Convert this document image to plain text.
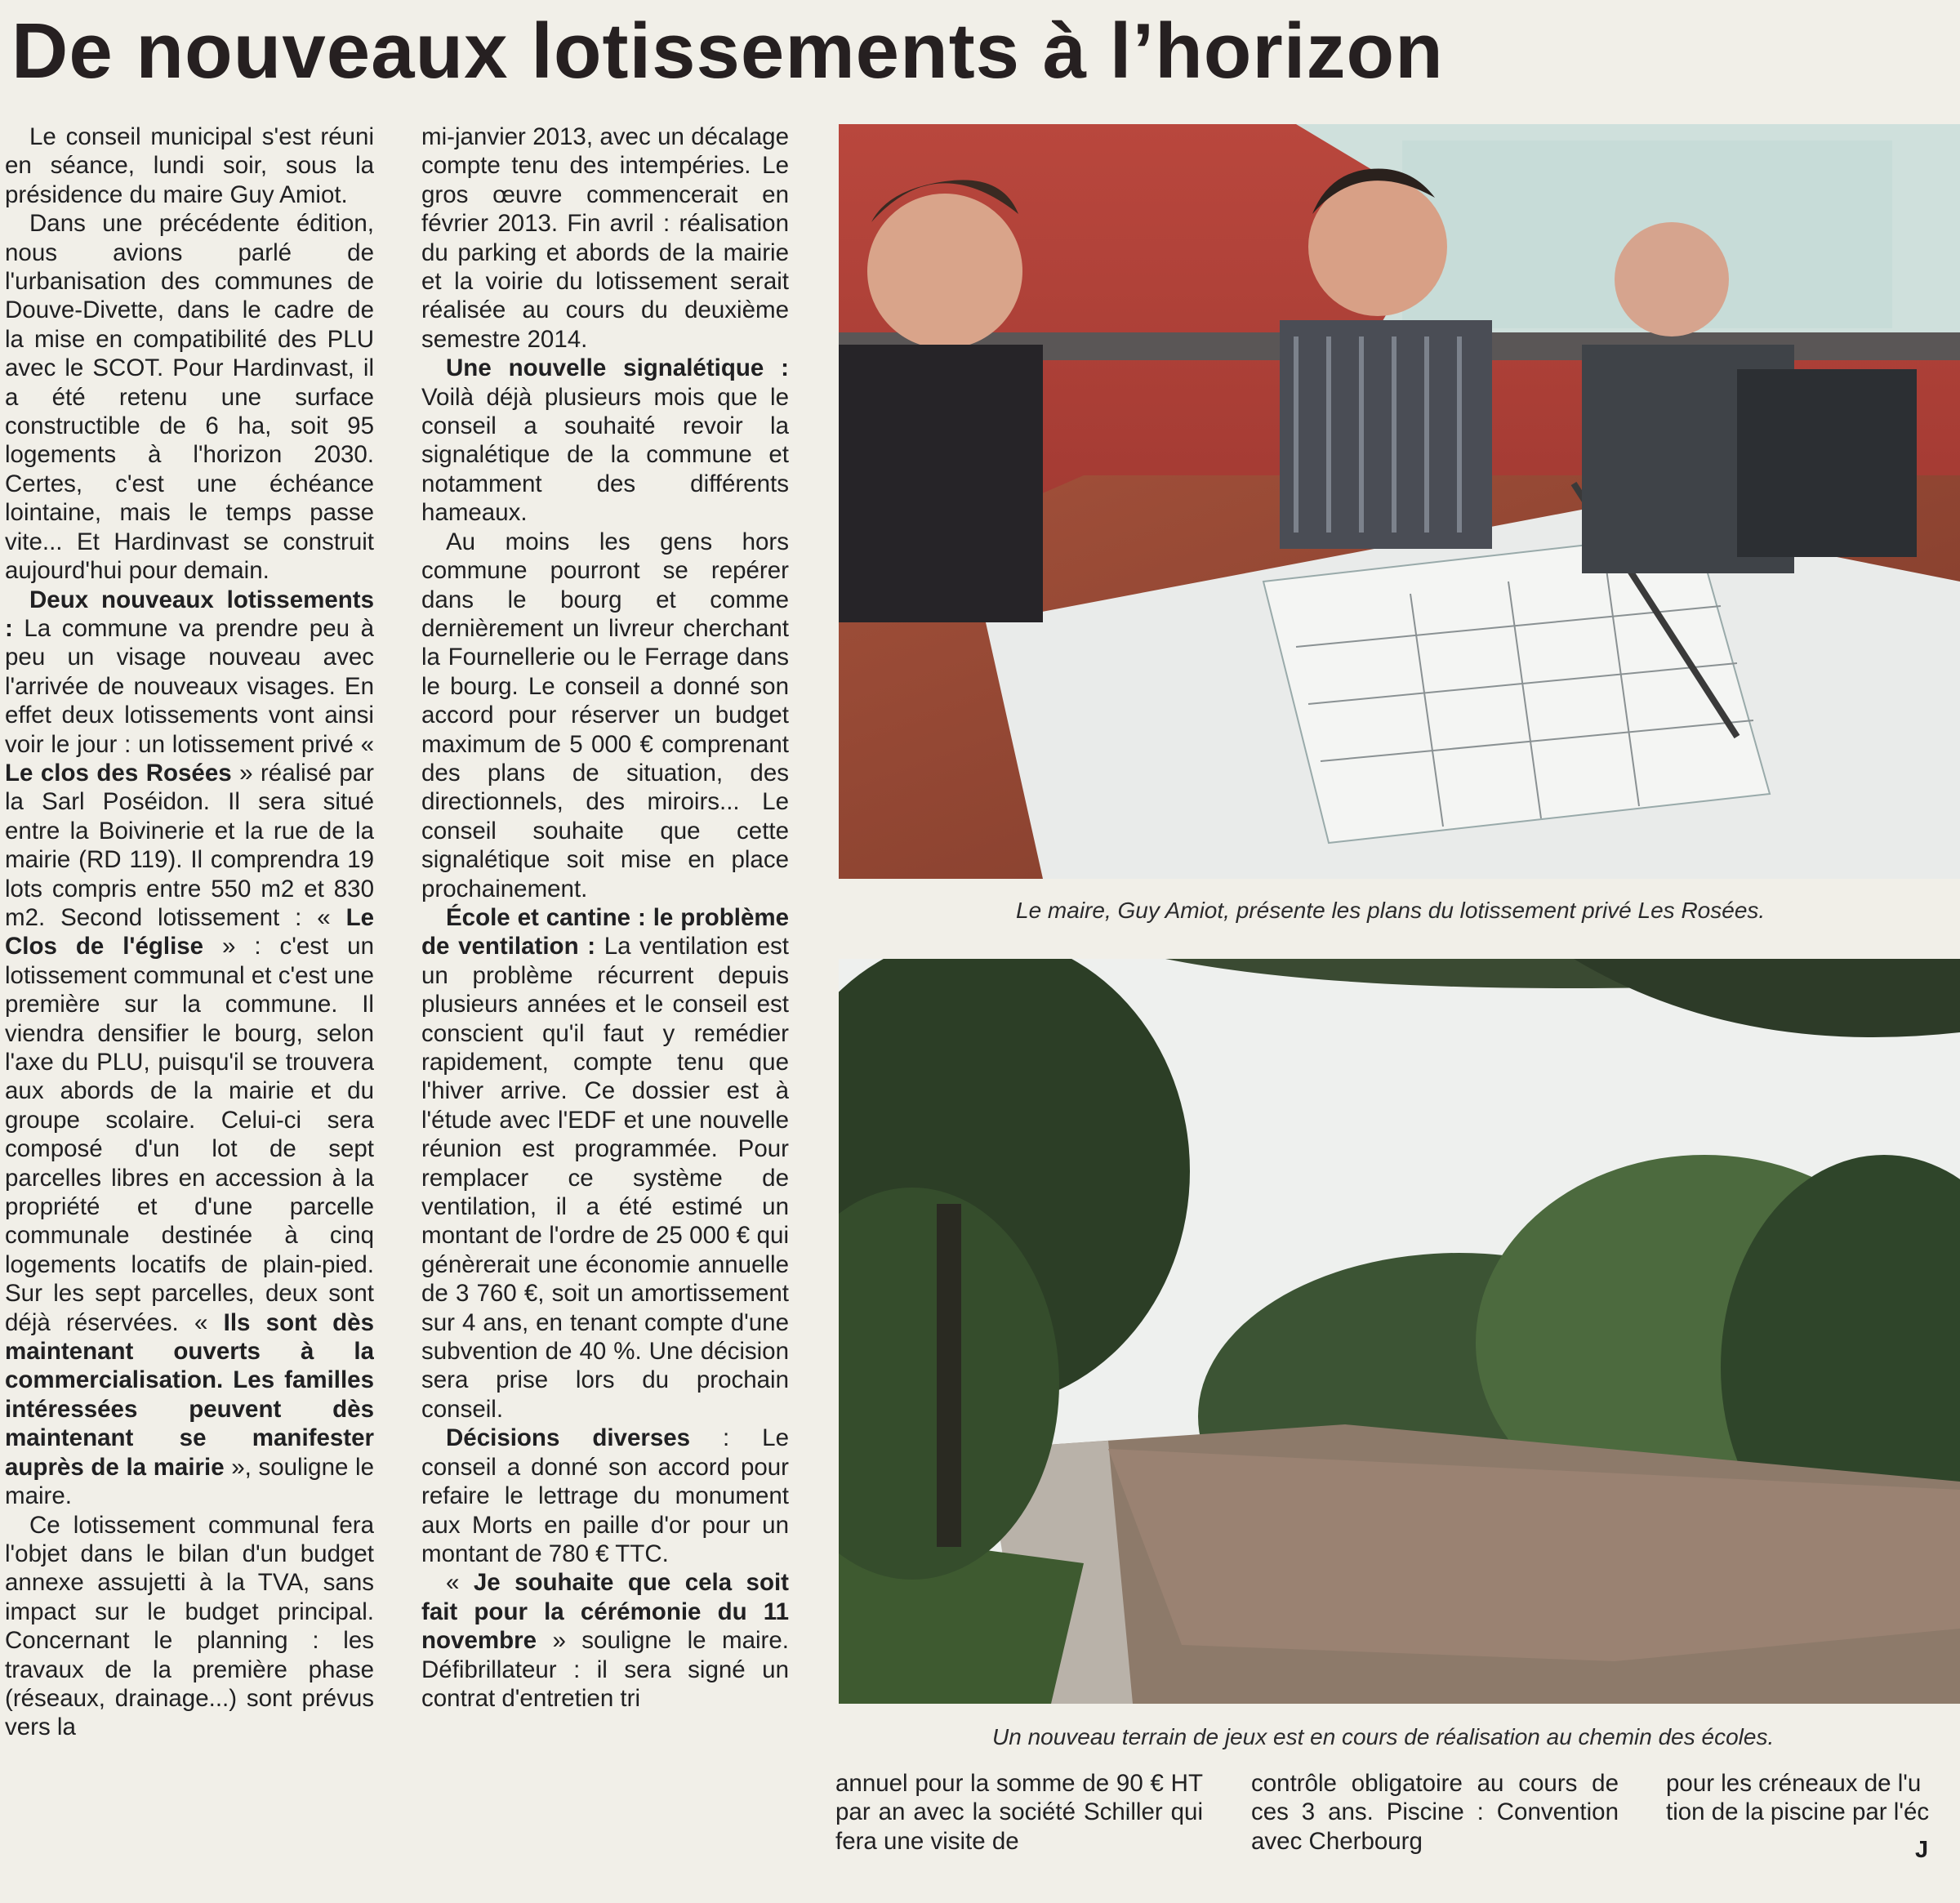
De nouveaux lotissements à l’horizon

Le conseil municipal s'est réuni en séance, lundi soir, sous la présidence du maire Guy Amiot.

Dans une précédente édition, nous avions parlé de l'urbanisation des communes de Douve-Divette, dans le cadre de la mise en compatibilité des PLU avec le SCOT. Pour Hardinvast, il a été retenu une surface constructible de 6 ha, soit 95 logements à l'horizon 2030. Certes, c'est une échéance lointaine, mais le temps passe vite... Et Hardinvast se construit aujourd'hui pour demain.

Deux nouveaux lotissements : La commune va prendre peu à peu un visage nouveau avec l'arrivée de nouveaux visages. En effet deux lotissements vont ainsi voir le jour : un lotissement privé « Le clos des Rosées » réalisé par la Sarl Poséidon. Il sera situé entre la Boivinerie et la rue de la mairie (RD 119). Il comprendra 19 lots compris entre 550 m2 et 830 m2. Second lotissement : « Le Clos de l'église » : c'est un lotissement communal et c'est une première sur la commune. Il viendra densifier le bourg, selon l'axe du PLU, puisqu'il se trouvera aux abords de la mairie et du groupe scolaire. Celui-ci sera composé d'un lot de sept parcelles libres en accession à la propriété et d'une parcelle communale destinée à cinq logements locatifs de plain-pied. Sur les sept parcelles, deux sont déjà réservées. « Ils sont dès maintenant ouverts à la commercialisation. Les familles intéressées peuvent dès maintenant se manifester auprès de la mairie », souligne le maire.

Ce lotissement communal fera l'objet dans le bilan d'un budget annexe assujetti à la TVA, sans impact sur le budget principal. Concernant le planning : les travaux de la première phase (réseaux, drainage...) sont prévus vers la

mi-janvier 2013, avec un décalage compte tenu des intempéries. Le gros œuvre commencerait en février 2013. Fin avril : réalisation du parking et abords de la mairie et la voirie du lotissement serait réalisée au cours du deuxième semestre 2014.

Une nouvelle signalétique : Voilà déjà plusieurs mois que le conseil a souhaité revoir la signalétique de la commune et notamment des différents hameaux.

Au moins les gens hors commune pourront se repérer dans le bourg et comme dernièrement un livreur cherchant la Fournellerie ou le Ferrage dans le bourg. Le conseil a donné son accord pour réserver un budget maximum de 5 000 € comprenant des plans de situation, des directionnels, des miroirs... Le conseil souhaite que cette signalétique soit mise en place prochainement.

École et cantine : le problème de ventilation : La ventilation est un problème récurrent depuis plusieurs années et le conseil est conscient qu'il faut y remédier rapidement, compte tenu que l'hiver arrive. Ce dossier est à l'étude avec l'EDF et une nouvelle réunion est programmée. Pour remplacer ce système de ventilation, il a été estimé un montant de l'ordre de 25 000 € qui génèrerait une économie annuelle de 3 760 €, soit un amortissement sur 4 ans, en tenant compte d'une subvention de 40 %. Une décision sera prise lors du prochain conseil.

Décisions diverses : Le conseil a donné son accord pour refaire le lettrage du monument aux Morts en paille d'or pour un montant de 780 € TTC.

« Je souhaite que cela soit fait pour la cérémonie du 11 novembre » souligne le maire. Défibrillateur : il sera signé un contrat d'entretien tri

Le maire, Guy Amiot, présente les plans du lotissement privé Les Rosées.
Un nouveau terrain de jeux est en cours de réalisation au chemin des écoles.

annuel pour la somme de 90 € HT par an avec la société Schiller qui fera une visite de

contrôle obligatoire au cours de ces 3 ans. Piscine : Convention avec Cherbourg

pour les créneaux de l'u

tion de la piscine par l'éc

J
